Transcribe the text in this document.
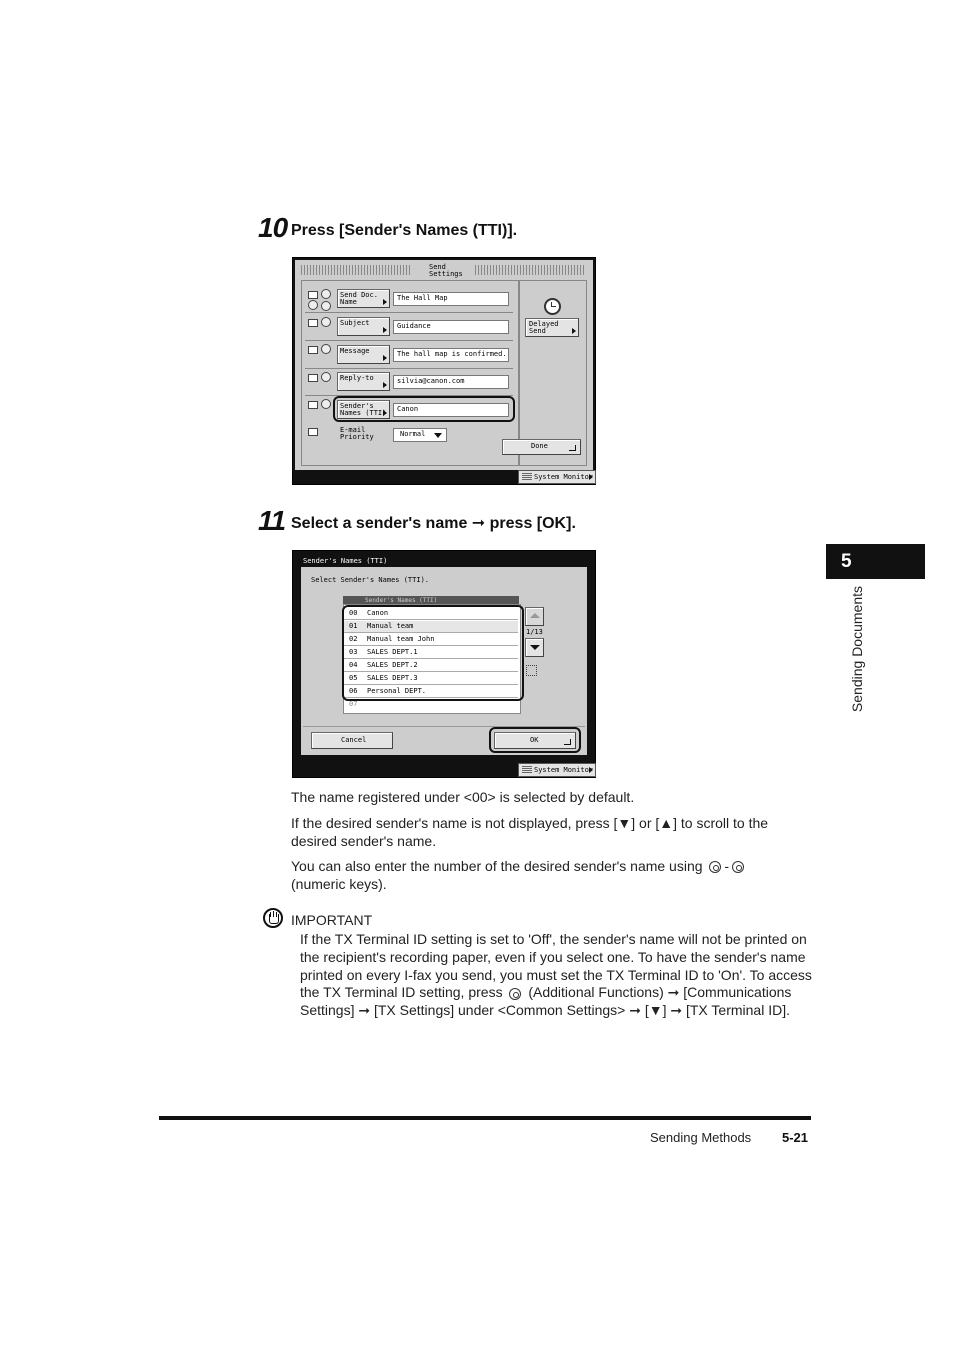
10 Press [Sender's Names (TTI)].
Send
Settings
Send Doc.
Name	The Hall Map
Subject	Guidance
Message	The hall map is confirmed.
Reply-to	silvia@canon.com
Sender's
Names (TTI) Canon
E-mail
Priority	Normal
Delayed
Send
Done
System Monitor
11 Select a sender's name ➞ press [OK].
Sender's Names (TTI)
Select Sender's Names (TTI).
Sender's Names (TTI)
00 Canon
01 Manual team
02 Manual team John
03 SALES DEPT.1
04 SALES DEPT.2
05 SALES DEPT.3
06 Personal DEPT.
07
1/13
Cancel	OK
System Monitor
The name registered under <00> is selected by default.
If the desired sender's name is not displayed, press [▼] or [▲] to scroll to the desired sender's name.
You can also enter the number of the desired sender's name using -
(numeric keys).
IMPORTANT
If the TX Terminal ID setting is set to 'Off', the sender's name will not be printed on the recipient's recording paper, even if you select one. To have the sender's name printed on every I-fax you send, you must set the TX Terminal ID to 'On'. To access the TX Terminal ID setting, press (Additional Functions) ➞ [Communications Settings] ➞ [TX Settings] under <Common Settings> ➞ [▼] ➞ [TX Terminal ID].
5
Sending Documents
Sending Methods 5-21
